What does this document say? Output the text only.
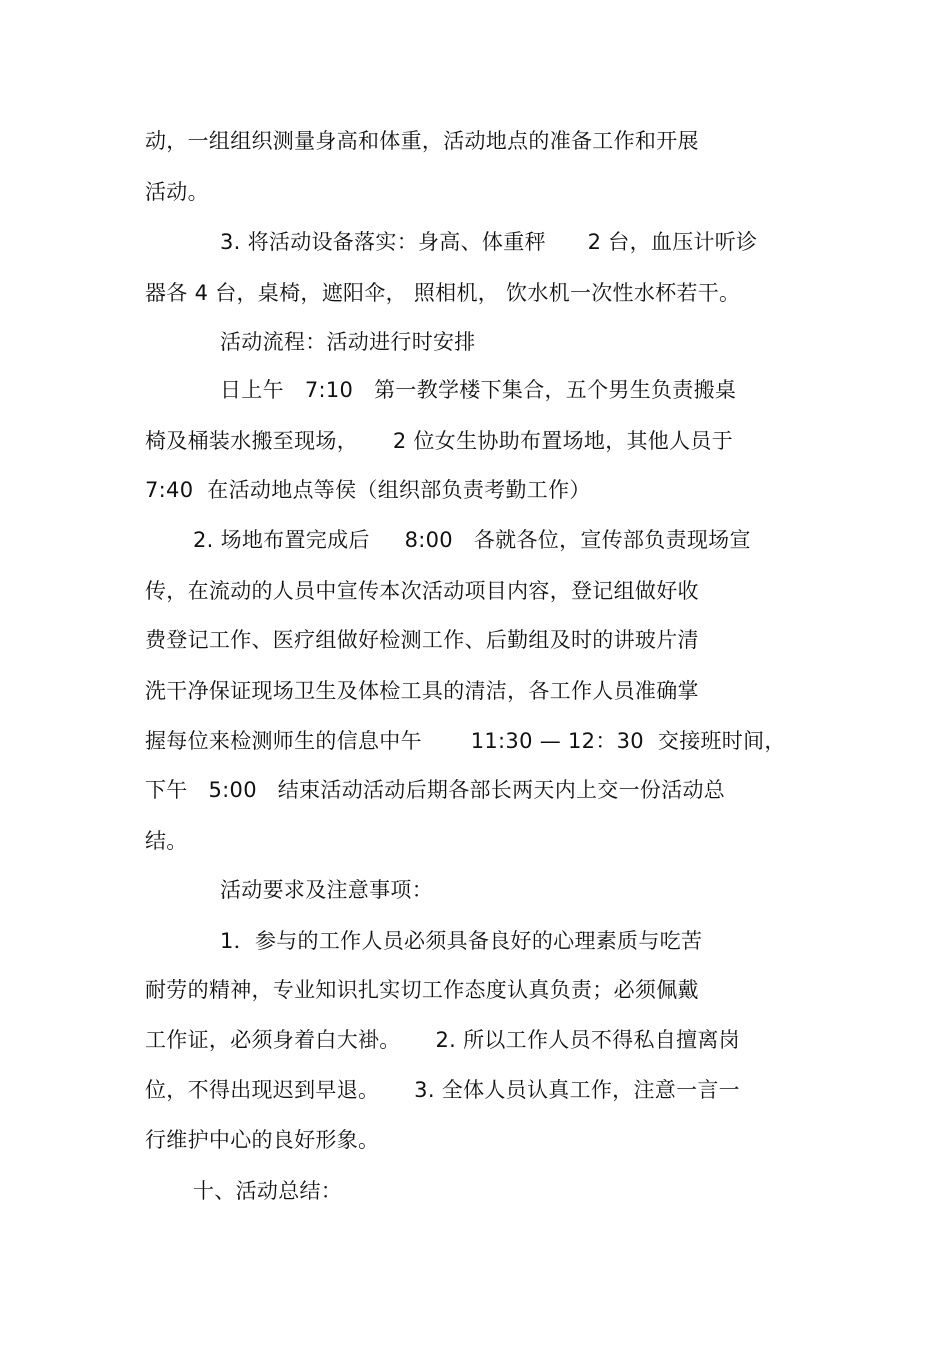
动，一组组织测量身高和体重，活动地点的准备工作和开展
活动。
3. 将活动设备落实：身高、体重秤      2 台，血压计听诊
器各 4 台，桌椅，遮阳伞， 照相机， 饮水机一次性水杯若干。
活动流程：活动进行时安排
日上午   7:10   第一教学楼下集合，五个男生负责搬桌
椅及桶装水搬至现场，     2 位女生协助布置场地，其他人员于
7:40  在活动地点等侯（组织部负责考勤工作）
2. 场地布置完成后     8:00   各就各位，宣传部负责现场宣
传，在流动的人员中宣传本次活动项目内容，登记组做好收
费登记工作、医疗组做好检测工作、后勤组及时的讲玻片清
洗干净保证现场卫生及体检工具的清洁，各工作人员准确掌
握每位来检测师生的信息中午       11:30 — 12：30  交接班时间，
下午   5:00   结束活动活动后期各部长两天内上交一份活动总
结。
活动要求及注意事项：
1．参与的工作人员必须具备良好的心理素质与吃苦
耐劳的精神，专业知识扎实切工作态度认真负责；必须佩戴
工作证，必须身着白大褂。     2. 所以工作人员不得私自擅离岗
位，不得出现迟到早退。     3. 全体人员认真工作，注意一言一
行维护中心的良好形象。
十、活动总结：
